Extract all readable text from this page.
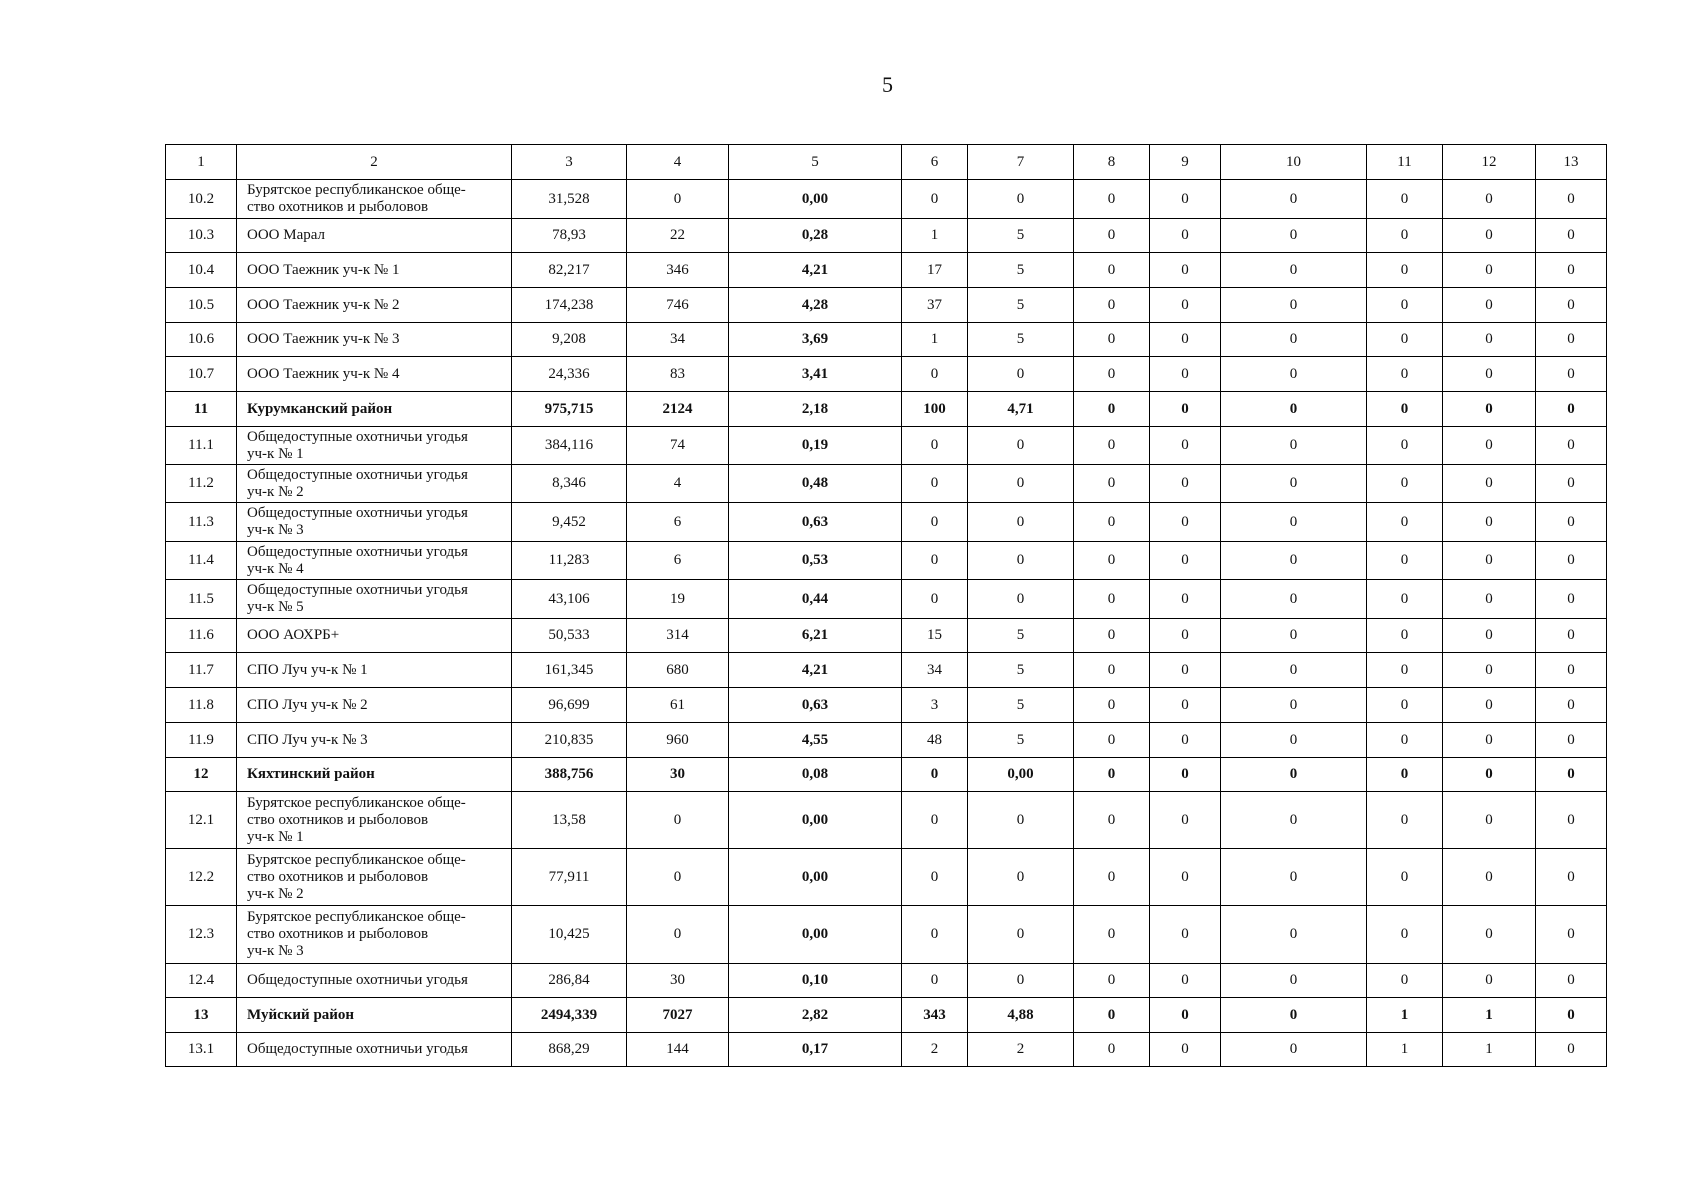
5
1	2	3	4	5	6	7	8	9	10	11	12	13
10.2	Бурятское республиканское обще-
ство охотников и рыболовов	31,528	0	0,00	0	0	0	0	0	0	0	0
10.3	ООО Марал	78,93	22	0,28	1	5	0	0	0	0	0	0
10.4	ООО Таежник уч-к № 1	82,217	346	4,21	17	5	0	0	0	0	0	0
10.5	ООО Таежник уч-к № 2	174,238	746	4,28	37	5	0	0	0	0	0	0
10.6	ООО Таежник уч-к № 3	9,208	34	3,69	1	5	0	0	0	0	0	0
10.7	ООО Таежник уч-к № 4	24,336	83	3,41	0	0	0	0	0	0	0	0
11	Курумканский район	975,715	2124	2,18	100	4,71	0	0	0	0	0	0
11.1	Общедоступные охотничьи угодья
уч-к № 1	384,116	74	0,19	0	0	0	0	0	0	0	0
11.2	Общедоступные охотничьи угодья
уч-к № 2	8,346	4	0,48	0	0	0	0	0	0	0	0
11.3	Общедоступные охотничьи угодья
уч-к № 3	9,452	6	0,63	0	0	0	0	0	0	0	0
11.4	Общедоступные охотничьи угодья
уч-к № 4	11,283	6	0,53	0	0	0	0	0	0	0	0
11.5	Общедоступные охотничьи угодья
уч-к № 5	43,106	19	0,44	0	0	0	0	0	0	0	0
11.6	ООО АОХРБ+	50,533	314	6,21	15	5	0	0	0	0	0	0
11.7	СПО Луч уч-к № 1	161,345	680	4,21	34	5	0	0	0	0	0	0
11.8	СПО Луч уч-к № 2	96,699	61	0,63	3	5	0	0	0	0	0	0
11.9	СПО Луч уч-к № 3	210,835	960	4,55	48	5	0	0	0	0	0	0
12	Кяхтинский район	388,756	30	0,08	0	0,00	0	0	0	0	0	0
12.1	Бурятское республиканское обще-
ство охотников и рыболовов
уч-к № 1	13,58	0	0,00	0	0	0	0	0	0	0	0
12.2	Бурятское республиканское обще-
ство охотников и рыболовов
уч-к № 2	77,911	0	0,00	0	0	0	0	0	0	0	0
12.3	Бурятское республиканское обще-
ство охотников и рыболовов
уч-к № 3	10,425	0	0,00	0	0	0	0	0	0	0	0
12.4	Общедоступные охотничьи угодья	286,84	30	0,10	0	0	0	0	0	0	0	0
13	Муйский район	2494,339	7027	2,82	343	4,88	0	0	0	1	1	0
13.1	Общедоступные охотничьи угодья	868,29	144	0,17	2	2	0	0	0	1	1	0
